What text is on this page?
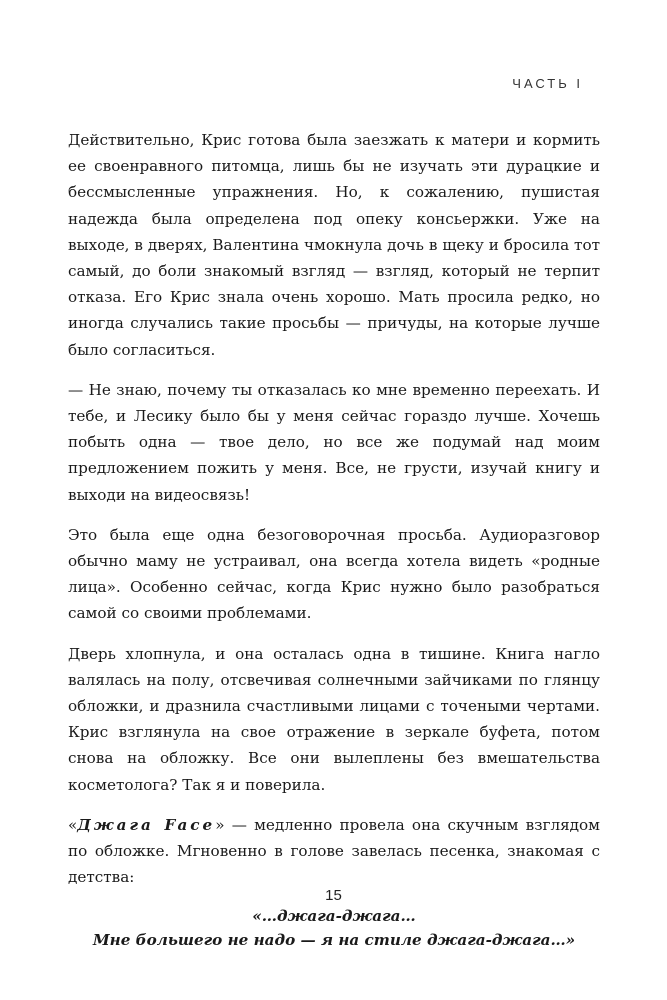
ЧАСТЬ I

Действительно, Крис готова была заезжать к матери и кормить ее своенравного питомца, лишь бы не изучать эти дурацкие и бессмысленные упражнения. Но, к сожалению, пушистая надежда была определена под опеку консьержки. Уже на выходе, в дверях, Валентина чмокнула дочь в щеку и бросила тот самый, до боли знакомый взгляд — взгляд, который не терпит отказа. Его Крис знала очень хорошо. Мать просила редко, но иногда случались такие просьбы — причуды, на которые лучше было согласиться.

— Не знаю, почему ты отказалась ко мне временно переехать. И тебе, и Лесику было бы у меня сейчас гораздо лучше. Хочешь побыть одна — твое дело, но все же подумай над моим предложением пожить у меня. Все, не грусти, изучай книгу и выходи на видеосвязь!

Это была еще одна безоговорочная просьба. Аудиоразговор обычно маму не устраивал, она всегда хотела видеть «родные лица». Особенно сейчас, когда Крис нужно было разобраться самой со своими проблемами.

Дверь хлопнула, и она осталась одна в тишине. Книга нагло валялась на полу, отсвечивая солнечными зайчиками по глянцу обложки, и дразнила счастливыми лицами с точеными чертами. Крис взглянула на свое отражение в зеркале буфета, потом снова на обложку. Все они вылеплены без вмешательства косметолога? Так я и поверила.

«Джага Face» — медленно провела она скучным взглядом по обложке. Мгновенно в голове завелась песенка, знакомая с детства:

«…джага-джага…
Мне большего не надо — я на стиле джага-джага…»
15
